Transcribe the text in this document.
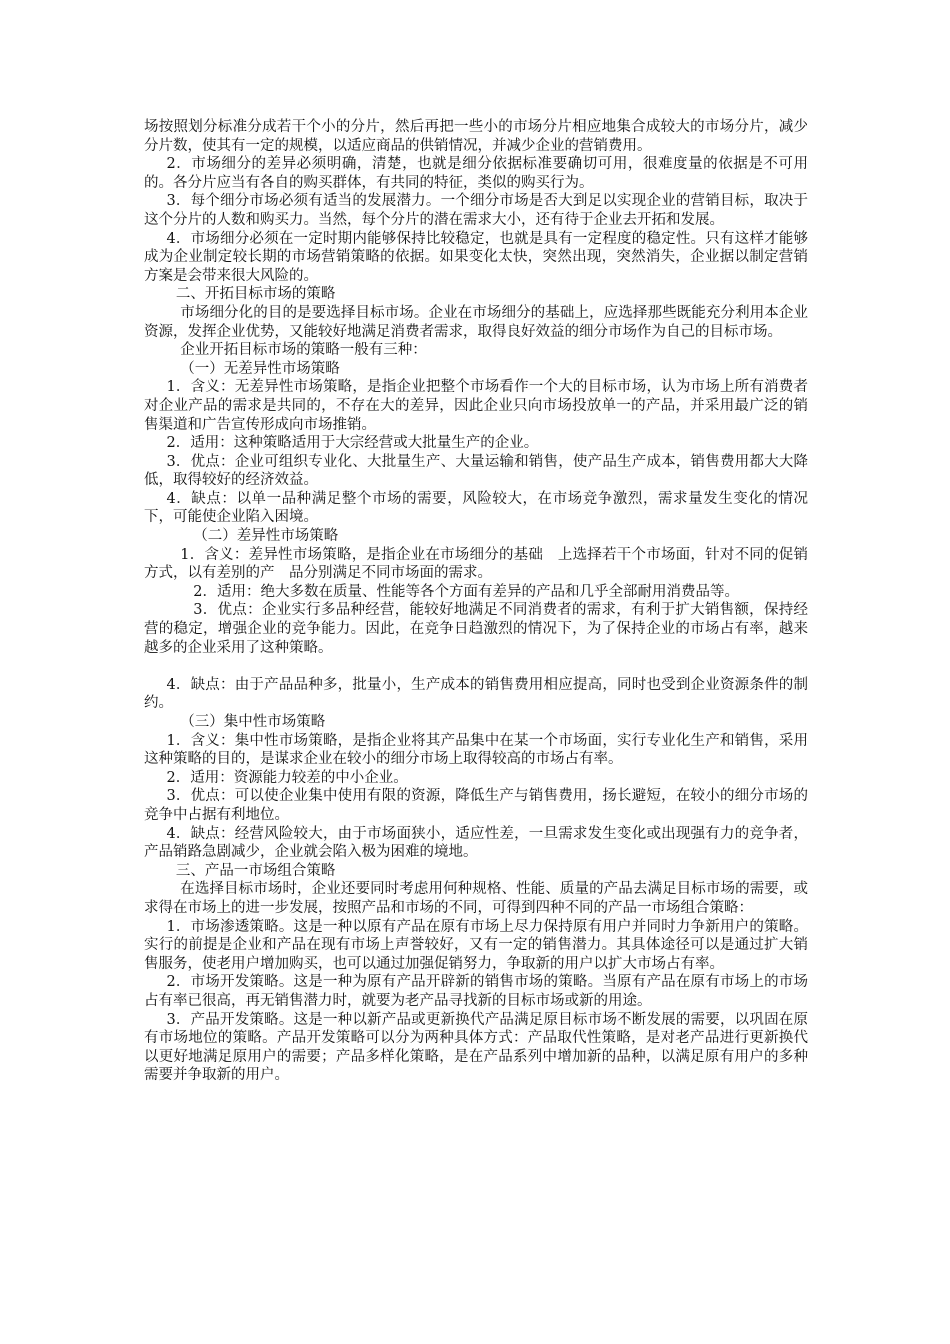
场按照划分标准分成若干个小的分片，然后再把一些小的市场分片相应地集合成较大的市场分片，减少分片数，使其有一定的规模，以适应商品的供销情况，并减少企业的营销费用。

2．市场细分的差异必须明确，清楚，也就是细分依据标准要确切可用，很难度量的依据是不可用的。各分片应当有各自的购买群体，有共同的特征，类似的购买行为。

3．每个细分市场必须有适当的发展潜力。一个细分市场是否大到足以实现企业的营销目标，取决于这个分片的人数和购买力。当然，每个分片的潜在需求大小，还有待于企业去开拓和发展。

4．市场细分必须在一定时期内能够保持比较稳定，也就是具有一定程度的稳定性。只有这样才能够成为企业制定较长期的市场营销策略的依据。如果变化太快，突然出现，突然消失，企业据以制定营销方案是会带来很大风险的。

二、开拓目标市场的策略

市场细分化的目的是要选择目标市场。企业在市场细分的基础上，应选择那些既能充分利用本企业资源，发挥企业优势，又能较好地满足消费者需求，取得良好效益的细分市场作为自己的目标市场。

企业开拓目标市场的策略一般有三种：

（一）无差异性市场策略

1．含义：无差异性市场策略，是指企业把整个市场看作一个大的目标市场，认为市场上所有消费者对企业产品的需求是共同的，不存在大的差异，因此企业只向市场投放单一的产品，并采用最广泛的销售渠道和广告宣传形成向市场推销。

2．适用：这种策略适用于大宗经营或大批量生产的企业。

3．优点：企业可组织专业化、大批量生产、大量运输和销售，使产品生产成本，销售费用都大大降低，取得较好的经济效益。

4．缺点：以单一品种满足整个市场的需要，风险较大，在市场竞争激烈，需求量发生变化的情况下，可能使企业陷入困境。

（二）差异性市场策略

1．含义：差异性市场策略，是指企业在市场细分的基础　上选择若干个市场面，针对不同的促销方式，以有差别的产　品分别满足不同市场面的需求。

2．适用：绝大多数在质量、性能等各个方面有差异的产品和几乎全部耐用消费品等。

3．优点：企业实行多品种经营，能较好地满足不同消费者的需求，有利于扩大销售额，保持经营的稳定，增强企业的竞争能力。因此，在竞争日趋激烈的情况下，为了保持企业的市场占有率，越来越多的企业采用了这种策略。

4．缺点：由于产品品种多，批量小，生产成本的销售费用相应提高，同时也受到企业资源条件的制约。

（三）集中性市场策略

1．含义：集中性市场策略，是指企业将其产品集中在某一个市场面，实行专业化生产和销售，采用这种策略的目的，是谋求企业在较小的细分市场上取得较高的市场占有率。

2．适用：资源能力较差的中小企业。

3．优点：可以使企业集中使用有限的资源，降低生产与销售费用，扬长避短，在较小的细分市场的竞争中占据有利地位。

4．缺点：经营风险较大，由于市场面狭小，适应性差，一旦需求发生变化或出现强有力的竞争者，产品销路急剧减少，企业就会陷入极为困难的境地。

三、产品一市场组合策略

在选择目标市场时，企业还要同时考虑用何种规格、性能、质量的产品去满足目标市场的需要，或求得在市场上的进一步发展，按照产品和市场的不同，可得到四种不同的产品一市场组合策略：

1．市场渗透策略。这是一种以原有产品在原有市场上尽力保持原有用户并同时力争新用户的策略。实行的前提是企业和产品在现有市场上声誉较好，又有一定的销售潜力。其具体途径可以是通过扩大销售服务，使老用户增加购买，也可以通过加强促销努力，争取新的用户以扩大市场占有率。

2．市场开发策略。这是一种为原有产品开辟新的销售市场的策略。当原有产品在原有市场上的市场占有率已很高，再无销售潜力时，就要为老产品寻找新的目标市场或新的用途。

3．产品开发策略。这是一种以新产品或更新换代产品满足原目标市场不断发展的需要，以巩固在原有市场地位的策略。产品开发策略可以分为两种具体方式：产品取代性策略，是对老产品进行更新换代以更好地满足原用户的需要；产品多样化策略，是在产品系列中增加新的品种，以满足原有用户的多种需要并争取新的用户。
